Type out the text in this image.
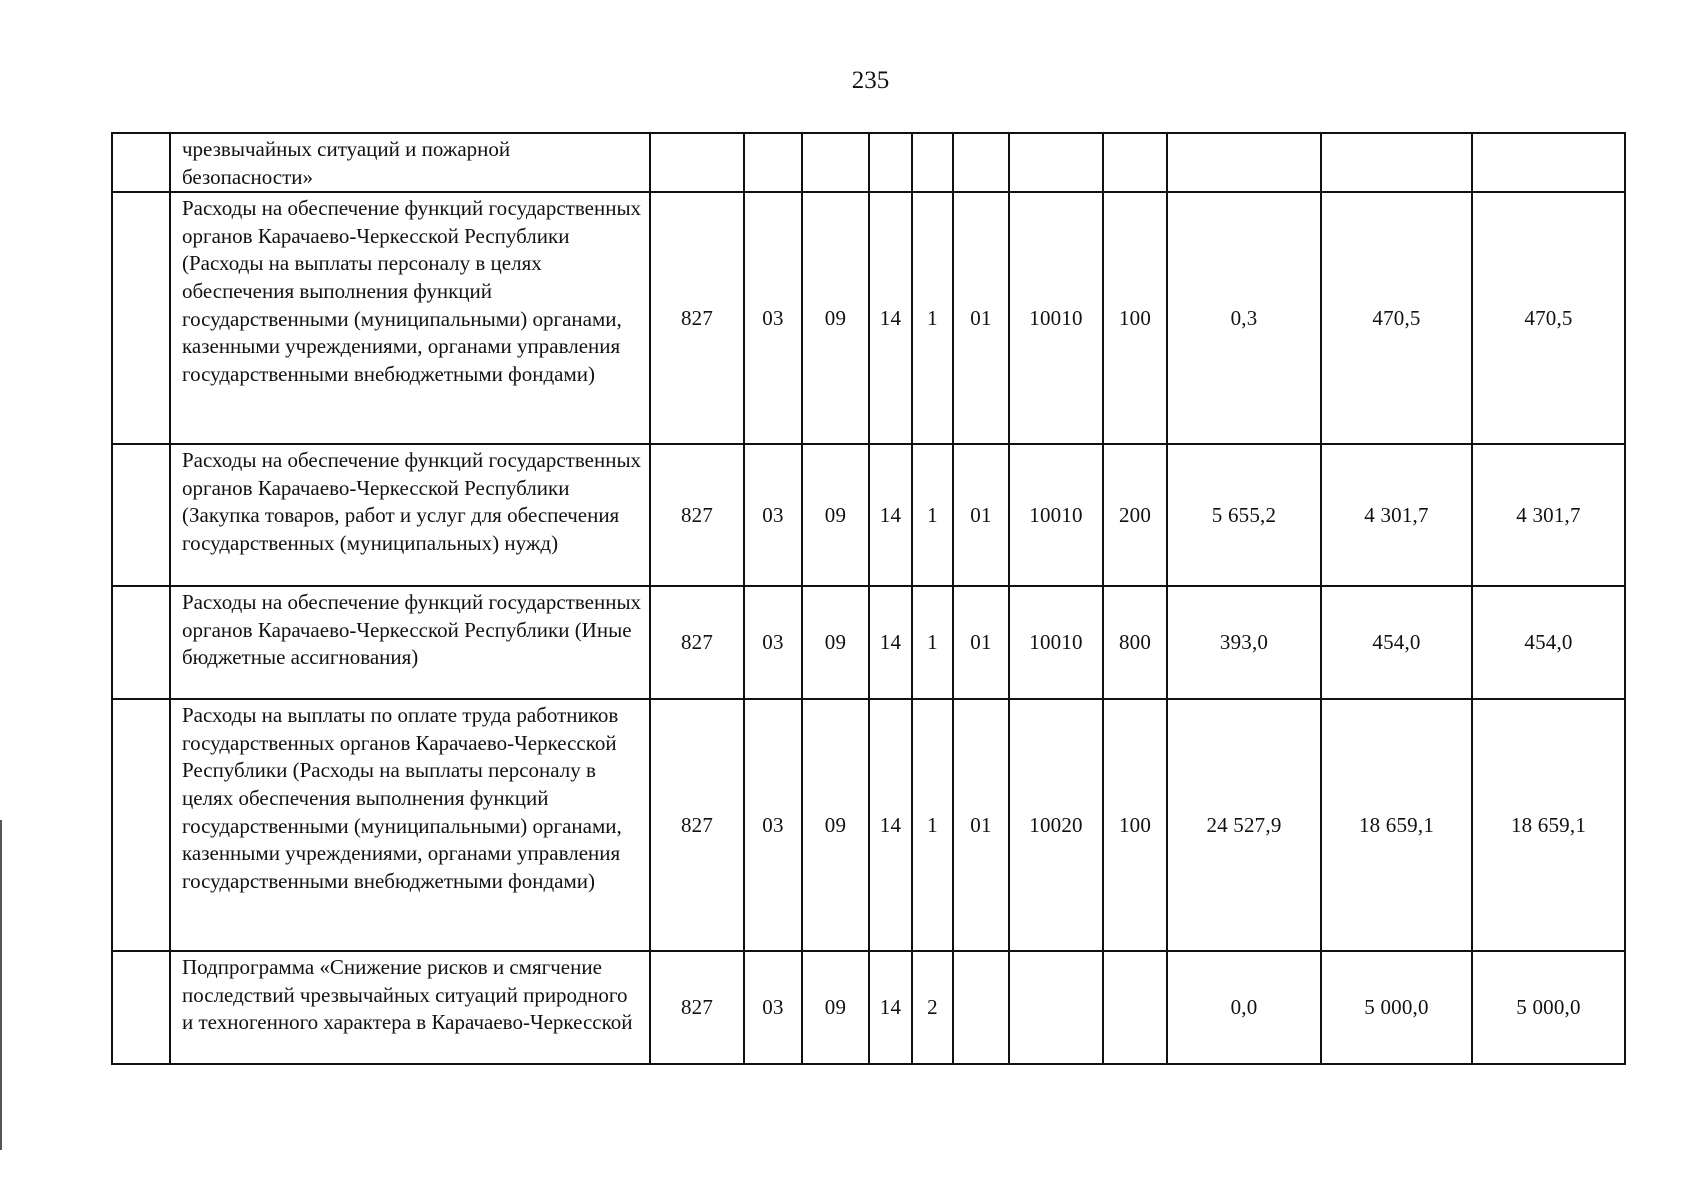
235
	чрезвычайных ситуаций и пожарной безопасности»											
	Расходы на обеспечение функций государственных органов Карачаево-Черкесской Республики (Расходы на выплаты персоналу в целях обеспечения выполнения функций государственными (муниципальными) органами, казенными учреждениями, органами управления государственными внебюджетными фондами)	827	03	09	14	1	01	10010	100	0,3	470,5	470,5
	Расходы на обеспечение функций государственных органов Карачаево-Черкесской Республики (Закупка товаров, работ и услуг для обеспечения государственных (муниципальных) нужд)	827	03	09	14	1	01	10010	200	5 655,2	4 301,7	4 301,7
	Расходы на обеспечение функций государственных органов Карачаево-Черкесской Республики (Иные бюджетные ассигнования)	827	03	09	14	1	01	10010	800	393,0	454,0	454,0
	Расходы на выплаты по оплате труда работников государственных органов Карачаево-Черкесской Республики (Расходы на выплаты персоналу в целях обеспечения выполнения функций государственными (муниципальными) органами, казенными учреждениями, органами управления государственными внебюджетными фондами)	827	03	09	14	1	01	10020	100	24 527,9	18 659,1	18 659,1
	Подпрограмма «Снижение рисков и смягчение последствий чрезвычайных ситуаций природного и техногенного характера в Карачаево-Черкесской	827	03	09	14	2				0,0	5 000,0	5 000,0
